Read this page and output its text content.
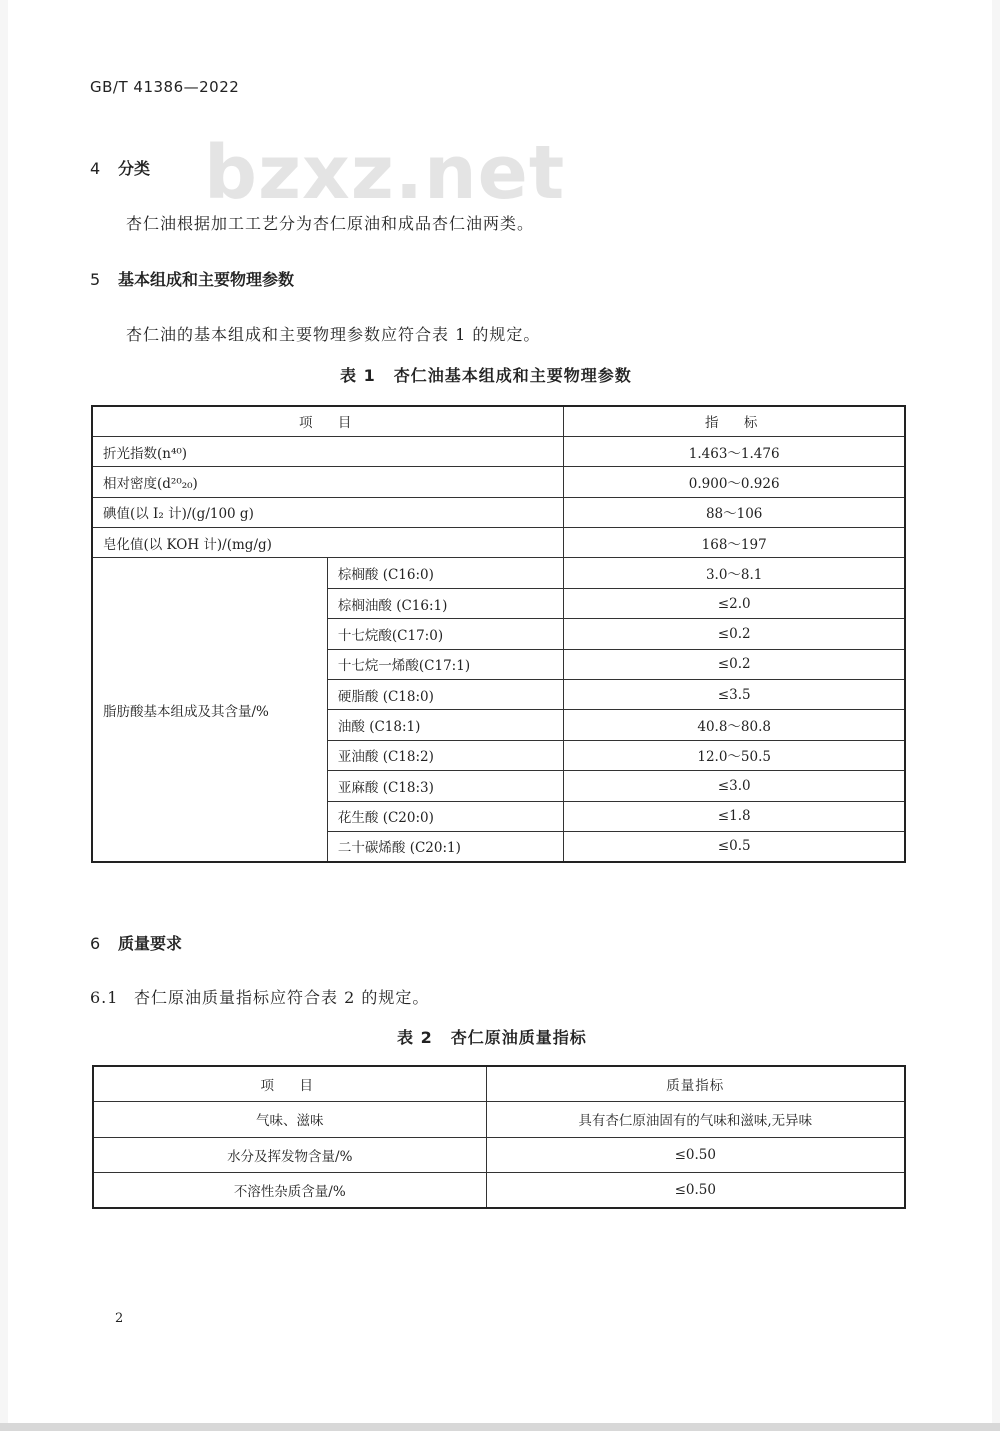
GB/T 41386—2022
bzxz.net
4 分类
杏仁油根据加工工艺分为杏仁原油和成品杏仁油两类。
5 基本组成和主要物理参数
杏仁油的基本组成和主要物理参数应符合表 1 的规定。
表 1 杏仁油基本组成和主要物理参数
项　目		指　标
折光指数(n⁴⁰)		1.463～1.476
相对密度(d²⁰₂₀)		0.900～0.926
碘值(以 I₂ 计)/(g/100 g)		88～106
皂化值(以 KOH 计)/(mg/g)		168～197
脂肪酸基本组成及其含量/%	棕榈酸 (C16:0)	3.0～8.1
	棕榈油酸 (C16:1)	≤2.0
	十七烷酸(C17:0)	≤0.2
	十七烷一烯酸(C17:1)	≤0.2
	硬脂酸 (C18:0)	≤3.5
	油酸 (C18:1)	40.8～80.8
	亚油酸 (C18:2)	12.0～50.5
	亚麻酸 (C18:3)	≤3.0
	花生酸 (C20:0)	≤1.8
	二十碳烯酸 (C20:1)	≤0.5
6 质量要求
6.1 杏仁原油质量指标应符合表 2 的规定。
表 2 杏仁原油质量指标
项　目	质量指标
气味、滋味	具有杏仁原油固有的气味和滋味,无异味
水分及挥发物含量/%	≤0.50
不溶性杂质含量/%	≤0.50
2
